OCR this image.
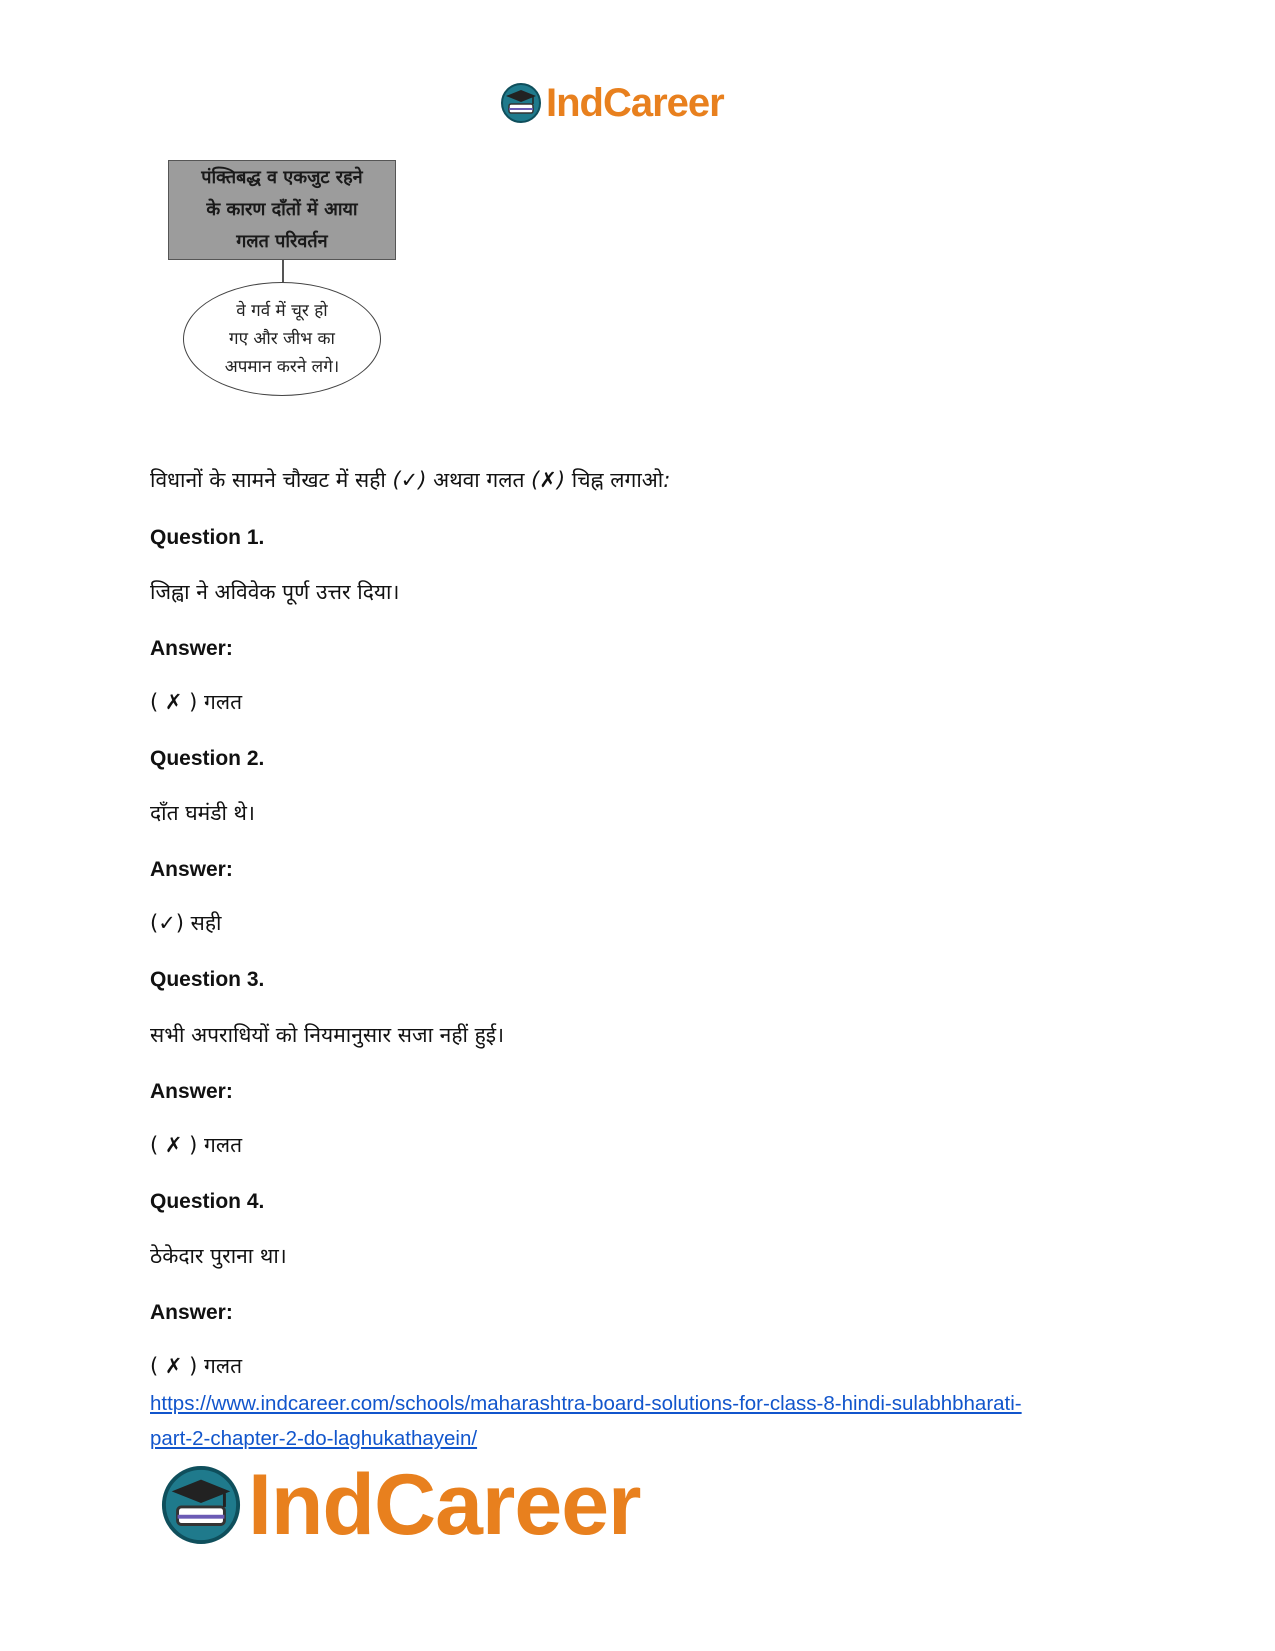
IndCareer
पंक्तिबद्ध व एकजुट रहने
के कारण दाँतों में आया
गलत परिवर्तन
वे गर्व में चूर हो
गए और जीभ का
अपमान करने लगे।
विधानों के सामने चौखट में सही (✓) अथवा गलत (✗) चिह्न लगाओ:
Question 1.
जिह्वा ने अविवेक पूर्ण उत्तर दिया।
Answer:
( ✗ ) गलत
Question 2.
दाँत घमंडी थे।
Answer:
(✓) सही
Question 3.
सभी अपराधियों को नियमानुसार सजा नहीं हुई।
Answer:
( ✗ ) गलत
Question 4.
ठेकेदार पुराना था।
Answer:
( ✗ ) गलत
https://www.indcareer.com/schools/maharashtra-board-solutions-for-class-8-hindi-sulabhbharati-
part-2-chapter-2-do-laghukathayein/
IndCareer
